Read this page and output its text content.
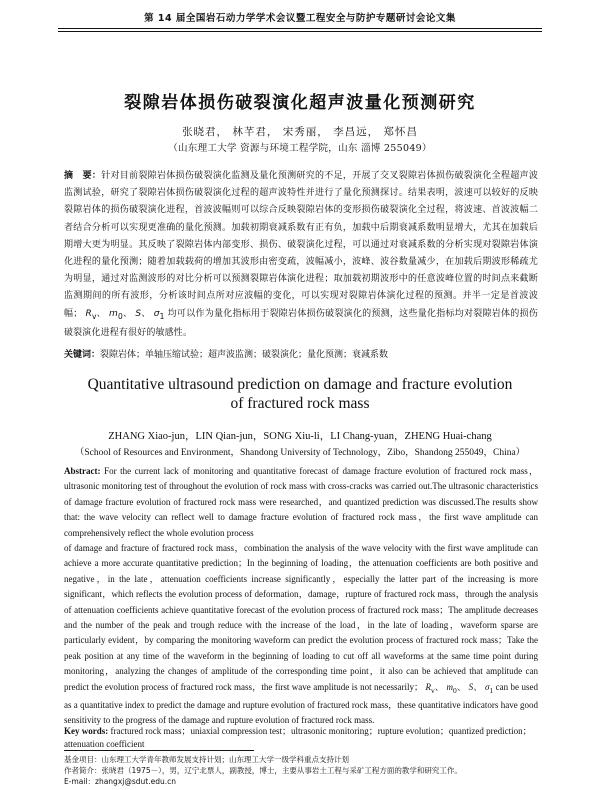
第 14 届全国岩石动力学学术会议暨工程安全与防护专题研讨会论文集
裂隙岩体损伤破裂演化超声波量化预测研究
张晓君， 林芊君， 宋秀丽， 李昌远， 郑怀昌
（山东理工大学 资源与环境工程学院，山东 淄博 255049）
摘　要：针对目前裂隙岩体损伤破裂演化监测及量化预测研究的不足，开展了交叉裂隙岩体损伤破裂演化全程超声波监测试验，研究了裂隙岩体损伤破裂演化过程的超声波特性并进行了量化预测探讨。结果表明，波速可以较好的反映裂隙岩体的损伤破裂演化进程，首波波幅则可以综合反映裂隙岩体的变形损伤破裂演化全过程，将波速、首波波幅二者结合分析可以实现更准确的量化预测。加载初期衰减系数有正有负，加载中后期衰减系数明显增大，尤其在加载后期增大更为明显。其反映了裂隙岩体内部变形、损伤、破裂演化过程，可以通过对衰减系数的分析实现对裂隙岩体演化进程的量化预测；随着加载载荷的增加其波形由密变疏，波幅减小，波峰、波谷数量减少，在加载后期波形稀疏尤为明显，通过对监测波形的对比分析可以预测裂隙岩体演化进程；取加载初期波形中的任意波峰位置的时间点来截断监测期间的所有波形，分析该时间点所对应波幅的变化，可以实现对裂隙岩体演化过程的预测。并半一定是首波波幅； $R_v$、 $m_0$、 S、 $\sigma_1$ 均可以作为量化指标用于裂隙岩体损伤破裂演化的预测，这些量化指标均对裂隙岩体的损伤破裂演化进程有很好的敏感性。
关键词：裂隙岩体；单轴压缩试验；超声波监测；破裂演化；量化预测；衰减系数
Quantitative ultrasound prediction on damage and fracture evolution
of fractured rock mass
ZHANG Xiao-jun，LIN Qian-jun，SONG Xiu-li，LI Chang-yuan，ZHENG Huai-chang
（School of Resources and Environment，Shandong University of Technology，Zibo，Shandong 255049，China）

Abstract: For the current lack of monitoring and quantitative forecast of damage fracture evolution of fractured rock mass，ultrasonic monitoring test of throughout the evolution of rock mass with cross-cracks was carried out.The ultrasonic characteristics of damage fracture evolution of fractured rock mass were researched，and quantized prediction was discussed.The results show that: the wave velocity can reflect well to damage fracture evolution of fractured rock mass，the first wave amplitude can comprehensively reflect the whole evolution process

of damage and fracture of fractured rock mass，combination the analysis of the wave velocity with the first wave amplitude can achieve a more accurate quantitative prediction；In the beginning of loading，the attenuation coefficients are both positive and negative，in the late，attenuation coefficients increase significantly，especially the latter part of the increasing is more significant，which reflects the evolution process of deformation，damage，rupture of fractured rock mass，through the analysis of attenuation coefficients achieve quantitative forecast of the evolution process of fractured rock mass；The amplitude decreases and the number of the peak and trough reduce with the increase of the load，in the late of loading，waveform sparse are particularly evident，by comparing the monitoring waveform can predict the evolution process of fractured rock mass；Take the peak position at any time of the waveform in the beginning of loading to cut off all waveforms at the same time point during monitoring，analyzing the changes of amplitude of the corresponding time point，it also can be achieved that amplitude can predict the evolution process of fractured rock mass，the first wave amplitude is not necessarily； $R_v$、 $m_0$、 S、 $\sigma_1$ can be used as a quantitative index to predict the damage and rupture evolution of fractured rock mass，these quantitative indicators have good sensitivity to the progress of the damage and rupture evolution of fractured rock mass.

Key words: fractured rock mass；uniaxial compression test；ultrasonic monitoring；rupture evolution；quantized prediction；attenuation coefficient

基金项目：山东理工大学青年教师发展支持计划；山东理工大学一级学科重点支持计划

作者简介：张晓君（1975－），男，辽宁北票人，副教授，博士，主要从事岩土工程与采矿工程方面的教学和研究工作。

E-mail：zhangxj@sdut.edu.cn
